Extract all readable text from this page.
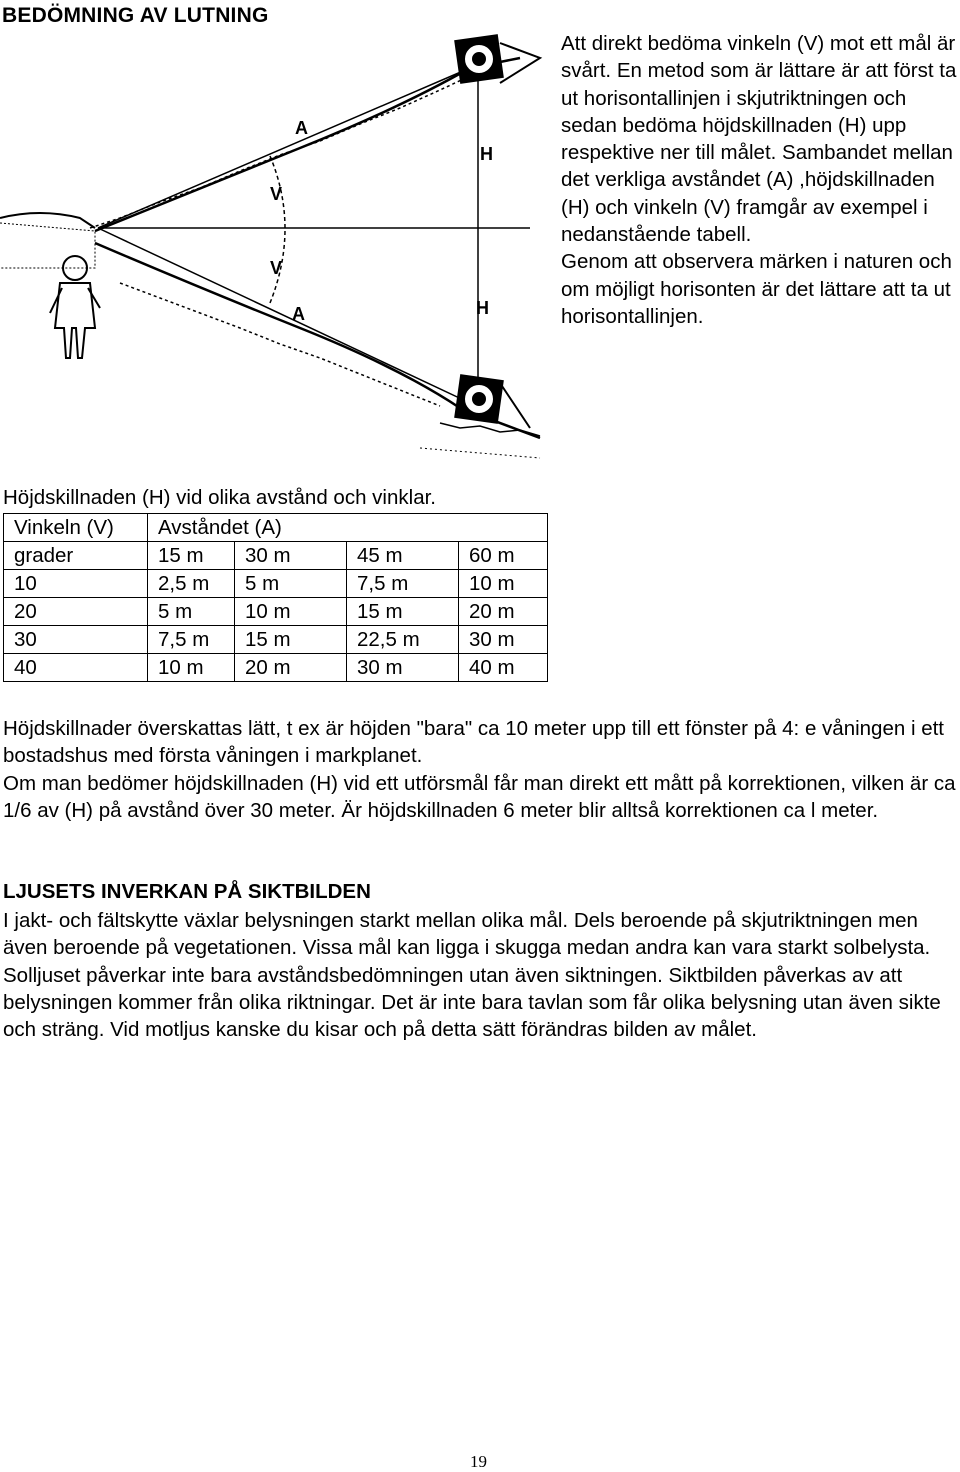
BEDÖMNING AV LUTNING
A
V
V
A
H
H

Att direkt bedöma vinkeln (V) mot ett mål är svårt. En metod som är lättare är att först ta ut horisontallinjen i skjutriktningen och sedan bedöma höjdskillnaden (H) upp respektive ner till målet. Sambandet mellan det verkliga avståndet (A) ,höjdskillnaden (H) och vinkeln (V) framgår av exempel i nedanstående tabell.

Genom att observera märken i naturen och om möjligt horisonten är det lättare att ta ut horisontallinjen.

Höjdskillnaden (H) vid olika avstånd och vinklar.
Vinkeln (V)	Avståndet (A)			
grader	15 m	30 m	45 m	60 m
10	2,5 m	5 m	7,5 m	10 m
20	5 m	10 m	15 m	20 m
30	7,5 m	15 m	22,5 m	30 m
40	10 m	20 m	30 m	40 m

Höjdskillnader överskattas lätt, t ex är höjden "bara" ca 10 meter upp till ett fönster på 4: e våningen i ett bostadshus med första våningen i markplanet.

Om man bedömer höjdskillnaden (H) vid ett utförsmål får man direkt ett mått på korrektionen, vilken är ca 1/6 av (H) på avstånd över 30 meter. Är höjdskillnaden 6 meter blir alltså korrektionen ca l meter.

LJUSETS INVERKAN PÅ SIKTBILDEN

I jakt- och fältskytte växlar belysningen starkt mellan olika mål. Dels beroende på skjutriktningen men även beroende på vegetationen. Vissa mål kan ligga i skugga medan andra kan vara starkt solbelysta. Solljuset påverkar inte bara avståndsbedömningen utan även siktningen. Siktbilden påverkas av att belysningen kommer från olika riktningar. Det är inte bara tavlan som får olika belysning utan även sikte och sträng. Vid motljus kanske du kisar och på detta sätt förändras bilden av målet.

19
